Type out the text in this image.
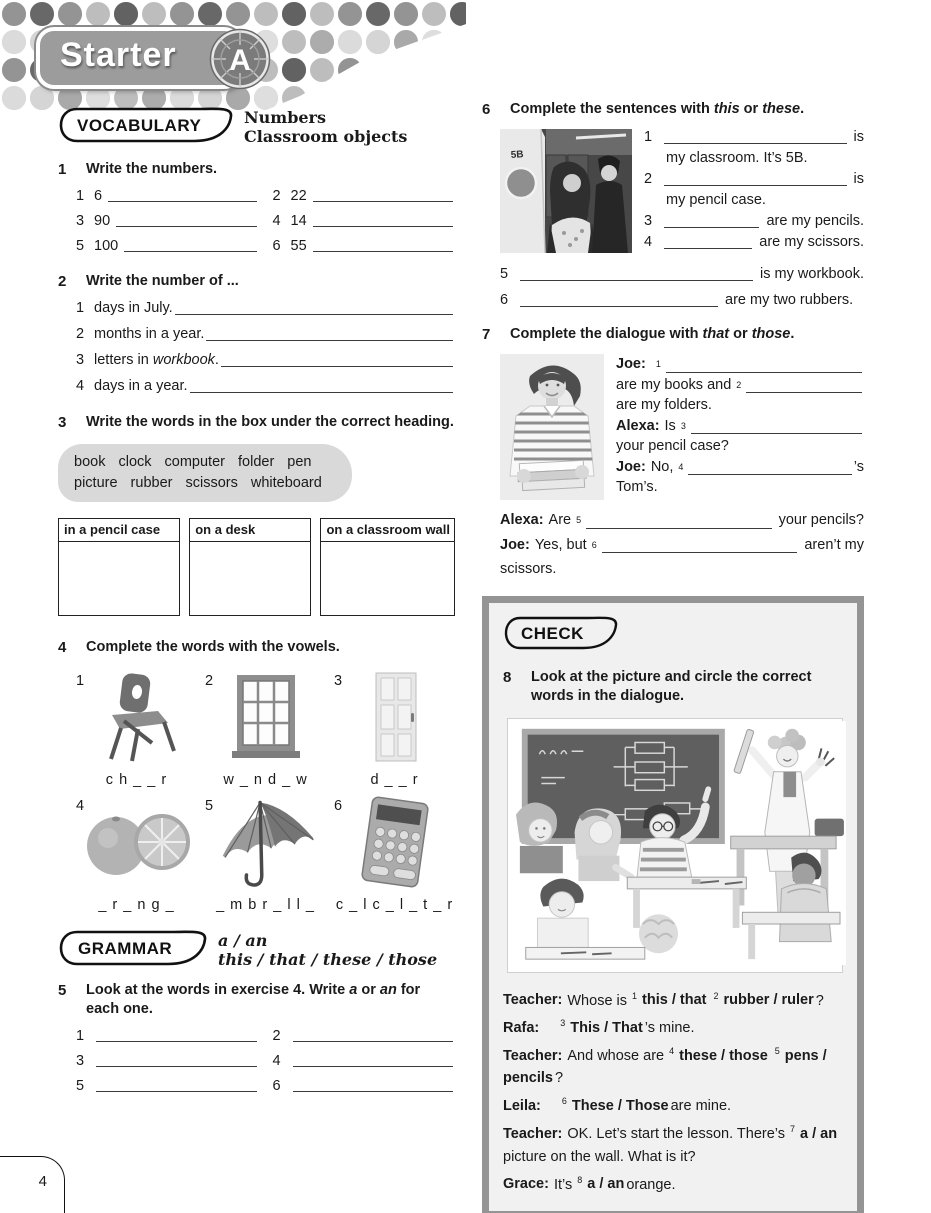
Starter A
VOCABULARY	Numbers
Classroom objects
1	Write the numbers.
1 6	2 22
3 90	4 14
5 100	6 55
2	Write the number of ...
1 days in July.
2 months in a year.
3 letters in workbook.
4 days in a year.
3	Write the words in the box under the correct heading.
book clock computer folder pen
picture rubber scissors whiteboard
in a pencil case	on a desk	on a classroom wall
4	Complete the words with the vowels.
1
c h _ _ r
2
w _ n d _ w
3
d _ _ r
4
_ r _ n g _
5
_ m b r _ l l _
6
c _ l c _ l _ t _ r
GRAMMAR	a / an
this / that / these / those
5	Look at the words in exercise 4. Write a or an for each one.
1	2
3	4
5	6
6	Complete the sentences with this or these.
5B
1	is
my classroom. It’s 5B.
2	is
my pencil case.
3	are my pencils.
4	are my scissors.
5	is my workbook.
6	are my two rubbers.
7	Complete the dialogue with that or those.
Joe: 1
are my books and 2
are my folders.
Alexa: Is 3
your pencil case?
Joe: No, 4	’s
Tom’s.
Alexa: Are 5	your pencils?
Joe: Yes, but 6	aren’t my
scissors.
CHECK
8	Look at the picture and circle the correct words in the dialogue.
Teacher: Whose is $^1$ this / that $^2$ rubber / ruler ?
Rafa: $^3$ This / That ’s mine.
Teacher: And whose are $^4$ these / those $^5$ pens / pencils ?
Leila: $^6$ These / Those are mine.
Teacher: OK. Let’s start the lesson. There’s $^7$ a / an
picture on the wall. What is it?
Grace: It’s $^8$ a / an orange.
4
